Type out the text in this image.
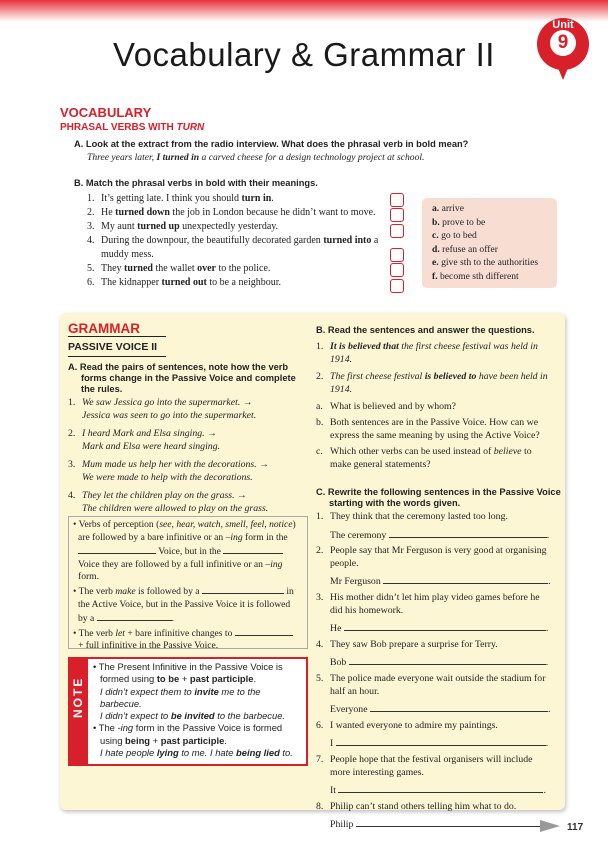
Vocabulary & Grammar II
Unit
9
VOCABULARY
PHRASAL VERBS WITH TURN
A. Look at the extract from the radio interview. What does the phrasal verb in bold mean?
Three years later, I turned in a carved cheese for a design technology project at school.
B. Match the phrasal verbs in bold with their meanings.
1. It’s getting late. I think you should turn in.
2. He turned down the job in London because he didn’t want to move.
3. My aunt turned up unexpectedly yesterday.
4. During the downpour, the beautifully decorated garden turned into a
muddy mess.
5. They turned the wallet over to the police.
6. The kidnapper turned out to be a neighbour.
a. arrive
b. prove to be
c. go to bed
d. refuse an offer
e. give sth to the authorities
f. become sth different
GRAMMAR
PASSIVE VOICE II
A. Read the pairs of sentences, note how the verb
forms change in the Passive Voice and complete
the rules.
1. We saw Jessica go into the supermarket. →
Jessica was seen to go into the supermarket.
2. I heard Mark and Elsa singing. →
Mark and Elsa were heard singing.
3. Mum made us help her with the decorations. →
We were made to help with the decorations.
4. They let the children play on the grass. →
The children were allowed to play on the grass.
• Verbs of perception (see, hear, watch, smell, feel, notice)
are followed by a bare infinitive or an –ing form in the
Voice, but in the
Voice they are followed by a full infinitive or an –ing
form.
• The verb make is followed by a	in
the Active Voice, but in the Passive Voice it is followed
by a	.
• The verb let + bare infinitive changes to
+ full infinitive in the Passive Voice.
NOTE
• The Present Infinitive in the Passive Voice is
formed using to be + past participle.
I didn’t expect them to invite me to the
barbecue.
I didn’t expect to be invited to the barbecue.
• The -ing form in the Passive Voice is formed
using being + past participle.
I hate people lying to me. I hate being lied to.
B. Read the sentences and answer the questions.
1. It is believed that the first cheese festival was held in
1914.
2. The first cheese festival is believed to have been held in
1914.
a. What is believed and by whom?
b. Both sentences are in the Passive Voice. How can we
express the same meaning by using the Active Voice?
c. Which other verbs can be used instead of believe to
make general statements?
C. Rewrite the following sentences in the Passive Voice
starting with the words given.
1. They think that the ceremony lasted too long.
The ceremony	.
2. People say that Mr Ferguson is very good at organising
people.
Mr Ferguson	.
3. His mother didn’t let him play video games before he
did his homework.
He	.
4. They saw Bob prepare a surprise for Terry.
Bob	.
5. The police made everyone wait outside the stadium for
half an hour.
Everyone	.
6. I wanted everyone to admire my paintings.
I	.
7. People hope that the festival organisers will include
more interesting games.
It	.
8. Philip can’t stand others telling him what to do.
Philip	.	117
